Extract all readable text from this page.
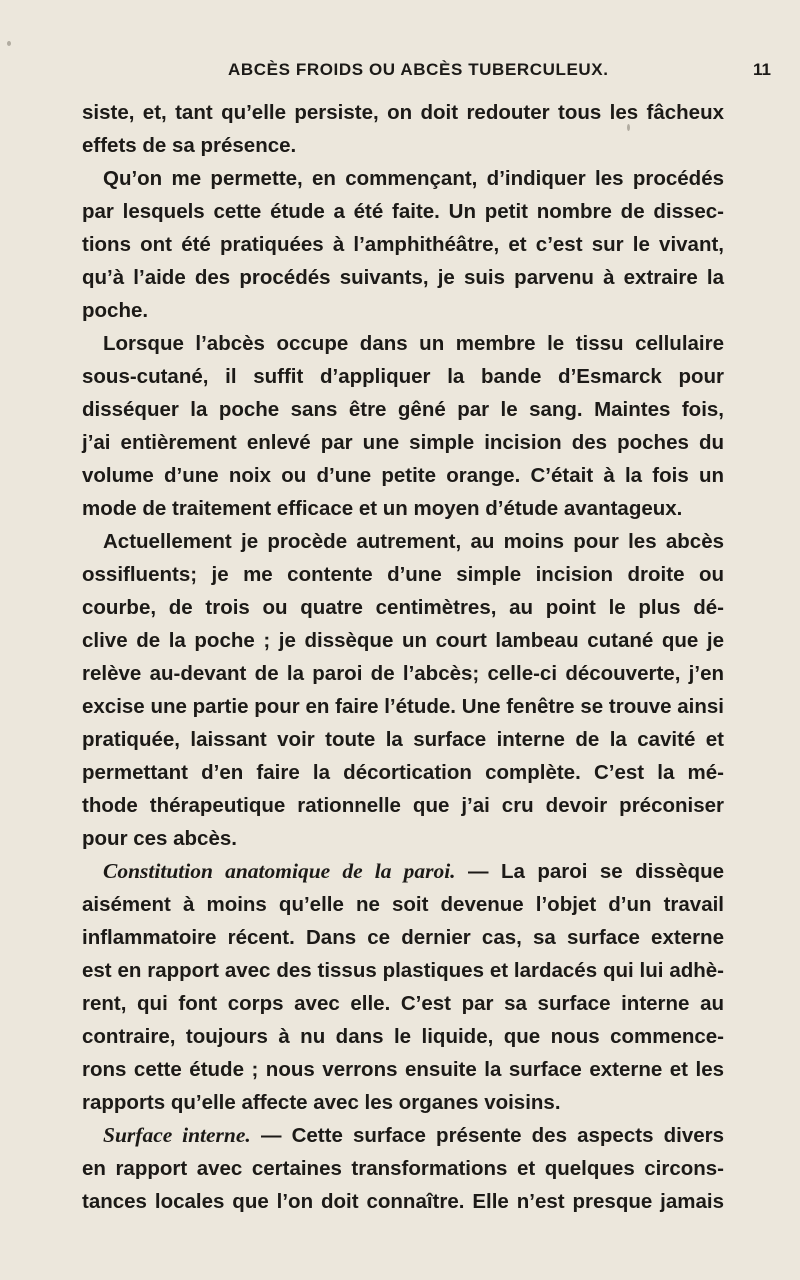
ABCÈS FROIDS OU ABCÈS TUBERCULEUX.	11
siste, et, tant qu’elle persiste, on doit redouter tous les fâcheux
effets de sa présence.
Qu’on me permette, en commençant, d’indiquer les procédés
par lesquels cette étude a été faite. Un petit nombre de dissec-
tions ont été pratiquées à l’amphithéâtre, et c’est sur le vivant,
qu’à l’aide des procédés suivants, je suis parvenu à extraire la
poche.
Lorsque l’abcès occupe dans un membre le tissu cellulaire
sous-cutané, il suffit d’appliquer la bande d’Esmarck pour
disséquer la poche sans être gêné par le sang. Maintes fois,
j’ai entièrement enlevé par une simple incision des poches du
volume d’une noix ou d’une petite orange. C’était à la fois un
mode de traitement efficace et un moyen d’étude avantageux.
Actuellement je procède autrement, au moins pour les abcès
ossifluents; je me contente d’une simple incision droite ou
courbe, de trois ou quatre centimètres, au point le plus dé-
clive de la poche ; je dissèque un court lambeau cutané que je
relève au-devant de la paroi de l’abcès; celle-ci découverte, j’en
excise une partie pour en faire l’étude. Une fenêtre se trouve ainsi
pratiquée, laissant voir toute la surface interne de la cavité et
permettant d’en faire la décortication complète. C’est la mé-
thode thérapeutique rationnelle que j’ai cru devoir préconiser
pour ces abcès.
Constitution anatomique de la paroi. — La paroi se dissèque
aisément à moins qu’elle ne soit devenue l’objet d’un travail
inflammatoire récent. Dans ce dernier cas, sa surface externe
est en rapport avec des tissus plastiques et lardacés qui lui adhè-
rent, qui font corps avec elle. C’est par sa surface interne au
contraire, toujours à nu dans le liquide, que nous commence-
rons cette étude ; nous verrons ensuite la surface externe et les
rapports qu’elle affecte avec les organes voisins.
Surface interne. — Cette surface présente des aspects divers
en rapport avec certaines transformations et quelques circons-
tances locales que l’on doit connaître. Elle n’est presque jamais
